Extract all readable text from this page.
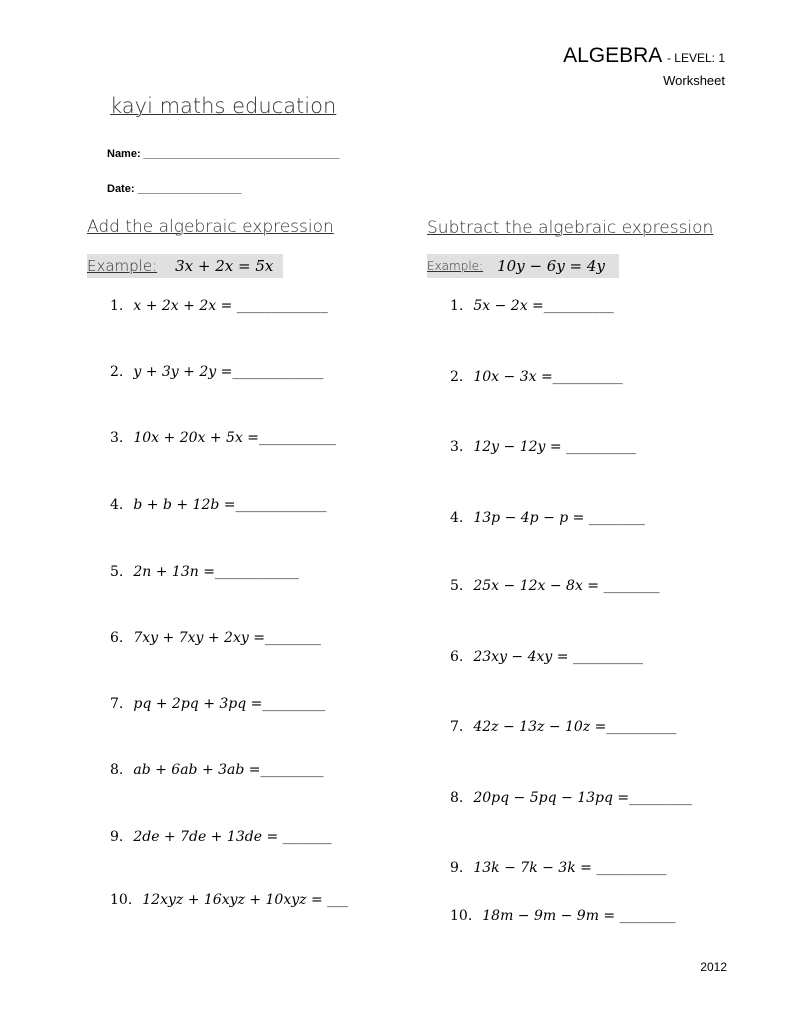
ALGEBRA - LEVEL: 1
Worksheet
kayi maths education
Name: ________________________________
Date: _________________
Add the algebraic expression	Subtract the algebraic expression
Example: 3x + 2x = 5x	Example: 10y − 6y = 4y
1. x + 2x + 2x = _____________
2. y + 3y + 2y =_____________
3. 10x + 20x + 5x =___________
4. b + b + 12b =_____________
5. 2n + 13n =____________
6. 7xy + 7xy + 2xy =________
7. pq + 2pq + 3pq =_________
8. ab + 6ab + 3ab =_________
9. 2de + 7de + 13de = _______
10. 12xyz + 16xyz + 10xyz = ___
1. 5x − 2x =__________
2. 10x − 3x =__________
3. 12y − 12y = __________
4. 13p − 4p − p = ________
5. 25x − 12x − 8x = ________
6. 23xy − 4xy = __________
7. 42z − 13z − 10z =__________
8. 20pq − 5pq − 13pq =_________
9. 13k − 7k − 3k = __________
10. 18m − 9m − 9m = ________
2012
